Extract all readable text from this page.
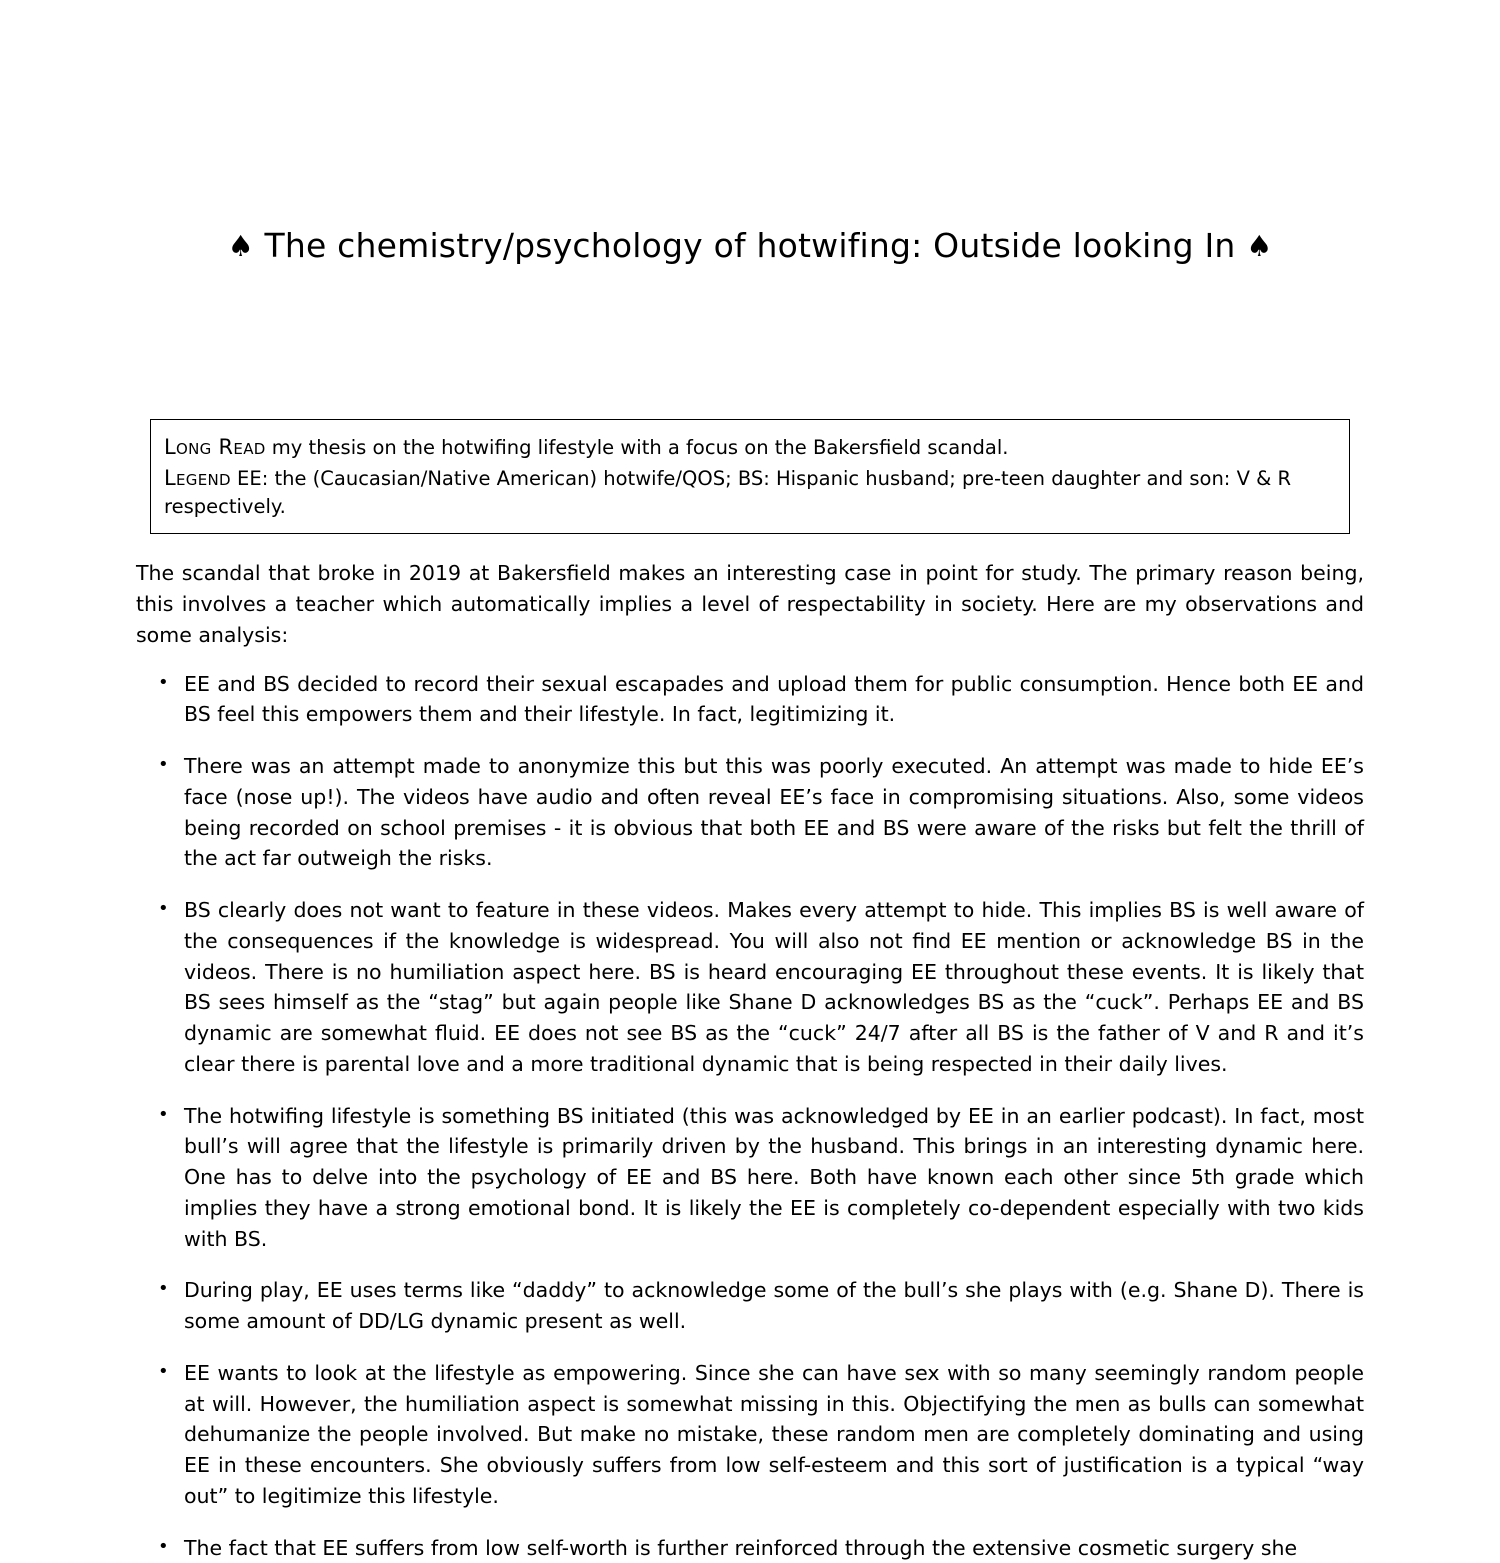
♠ The chemistry/psychology of hotwifing: Outside looking In ♠

Long Read my thesis on the hotwifing lifestyle with a focus on the Bakersfield scandal.

Legend EE: the (Caucasian/Native American) hotwife/QOS; BS: Hispanic husband; pre-teen daughter and son: V & R respectively.

The scandal that broke in 2019 at Bakersfield makes an interesting case in point for study. The primary reason being, this involves a teacher which automatically implies a level of respectability in society. Here are my observations and some analysis:

• EE and BS decided to record their sexual escapades and upload them for public consumption. Hence both EE and BS feel this empowers them and their lifestyle. In fact, legitimizing it.
• There was an attempt made to anonymize this but this was poorly executed. An attempt was made to hide EE’s face (nose up!). The videos have audio and often reveal EE’s face in compromising situations. Also, some videos being recorded on school premises - it is obvious that both EE and BS were aware of the risks but felt the thrill of the act far outweigh the risks.
• BS clearly does not want to feature in these videos. Makes every attempt to hide. This implies BS is well aware of the consequences if the knowledge is widespread. You will also not find EE mention or acknowledge BS in the videos. There is no humiliation aspect here. BS is heard encouraging EE throughout these events. It is likely that BS sees himself as the “stag” but again people like Shane D acknowledges BS as the “cuck”. Perhaps EE and BS dynamic are somewhat fluid. EE does not see BS as the “cuck” 24/7 after all BS is the father of V and R and it’s clear there is parental love and a more traditional dynamic that is being respected in their daily lives.
• The hotwifing lifestyle is something BS initiated (this was acknowledged by EE in an earlier podcast). In fact, most bull’s will agree that the lifestyle is primarily driven by the husband. This brings in an interesting dynamic here. One has to delve into the psychology of EE and BS here. Both have known each other since 5th grade which implies they have a strong emotional bond. It is likely the EE is completely co-dependent especially with two kids with BS.
• During play, EE uses terms like “daddy” to acknowledge some of the bull’s she plays with (e.g. Shane D). There is some amount of DD/LG dynamic present as well.
• EE wants to look at the lifestyle as empowering. Since she can have sex with so many seemingly random people at will. However, the humiliation aspect is somewhat missing in this. Objectifying the men as bulls can somewhat dehumanize the people involved. But make no mistake, these random men are completely dominating and using EE in these encounters. She obviously suffers from low self-esteem and this sort of justification is a typical “way out” to legitimize this lifestyle.
• The fact that EE suffers from low self-worth is further reinforced through the extensive cosmetic surgery she
